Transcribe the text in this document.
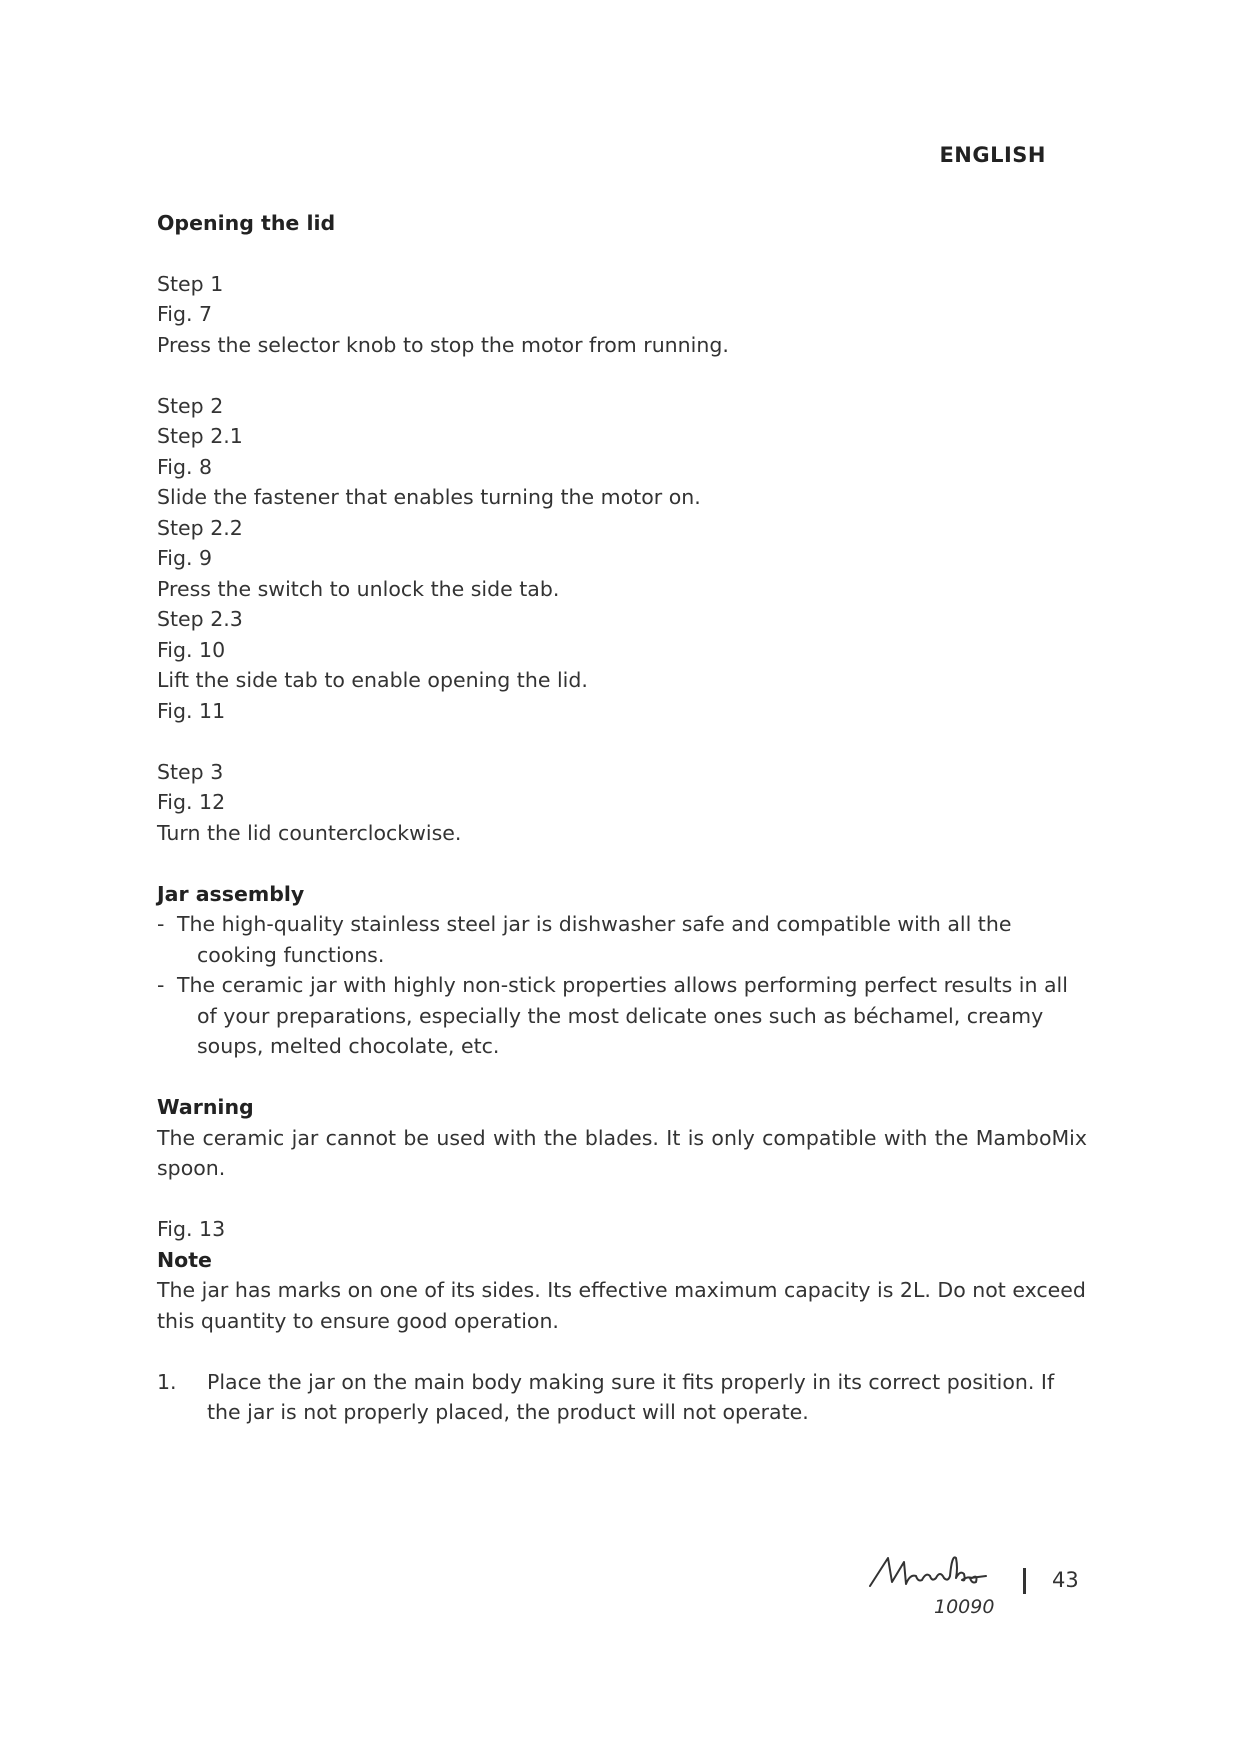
ENGLISH

Opening the lid

Step 1

Fig. 7

Press the selector knob to stop the motor from running.

Step 2

Step 2.1

Fig. 8

Slide the fastener that enables turning the motor on.

Step 2.2

Fig. 9

Press the switch to unlock the side tab.

Step 2.3

Fig. 10

Lift the side tab to enable opening the lid.

Fig. 11

Step 3

Fig. 12

Turn the lid counterclockwise.

Jar assembly

- The high-quality stainless steel jar is dishwasher safe and compatible with all the cooking functions.
- The ceramic jar with highly non-stick properties allows performing perfect results in all of your preparations, especially the most delicate ones such as béchamel, creamy soups, melted chocolate, etc.

Warning

The ceramic jar cannot be used with the blades. It is only compatible with the MamboMix spoon.

Fig. 13

Note

The jar has marks on one of its sides. Its effective maximum capacity is 2L. Do not exceed this quantity to ensure good operation.

1.	Place the jar on the main body making sure it fits properly in its correct position. If the jar is not properly placed, the product will not operate.
10090
43
